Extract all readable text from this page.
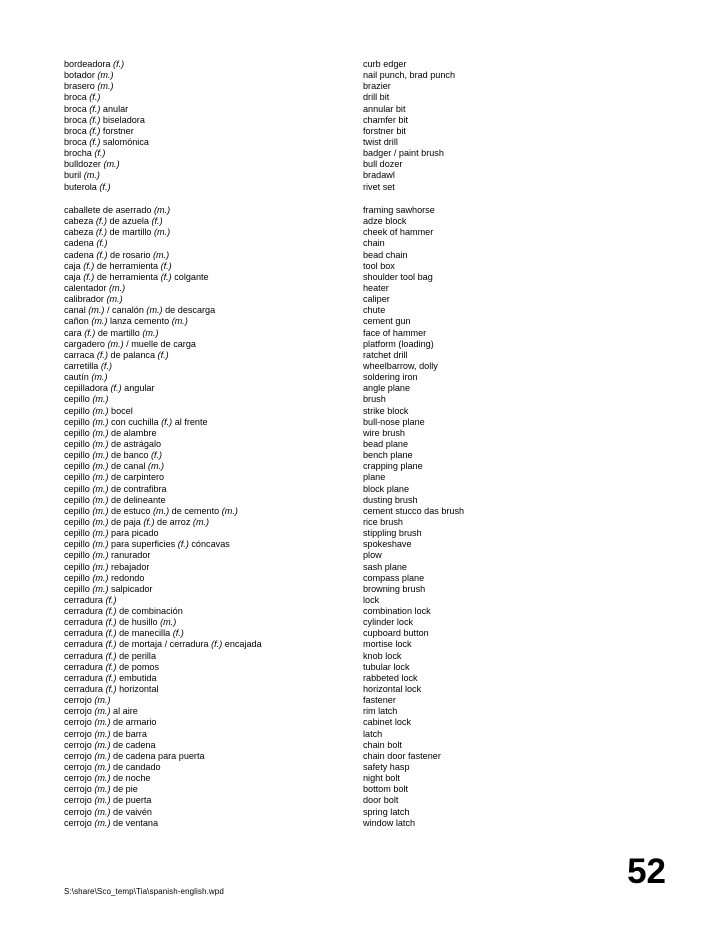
bordeadora (f.)	curb edger
botador (m.)	nail punch, brad punch
brasero (m.)	brazier
broca (f.)	drill bit
broca (f.) anular	annular bit
broca (f.) biseladora	chamfer bit
broca (f.) forstner	forstner bit
broca (f.) salomónica	twist drill
brocha (f.)	badger / paint brush
bulldozer (m.)	bull dozer
buril (m.)	bradawl
buterola (f.)	rivet set
caballete de aserrado (m.)	framing sawhorse
cabeza (f.) de azuela (f.)	adze block
cabeza (f.) de martillo (m.)	cheek of hammer
cadena (f.)	chain
cadena (f.) de rosario (m.)	bead chain
caja (f.) de herramienta (f.)	tool box
caja (f.) de herramienta (f.) colgante	shoulder tool bag
calentador (m.)	heater
calibrador (m.)	caliper
canal (m.) / canalón (m.) de descarga	chute
cañon (m.) lanza cemento (m.)	cement gun
cara (f.) de martillo (m.)	face of hammer
cargadero (m.) / muelle de carga	platform (loading)
carraca (f.) de palanca (f.)	ratchet drill
carretilla (f.)	wheelbarrow, dolly
cautín (m.)	soldering iron
cepilladora (f.) angular	angle plane
cepillo (m.)	brush
cepillo (m.) bocel	strike block
cepillo (m.) con cuchilla (f.) al frente	bull-nose plane
cepillo (m.) de alambre	wire brush
cepillo (m.) de astrágalo	bead plane
cepillo (m.) de banco (f.)	bench plane
cepillo (m.) de canal (m.)	crapping plane
cepillo (m.) de carpintero	plane
cepillo (m.) de contrafibra	block plane
cepillo (m.) de delineante	dusting brush
cepillo (m.) de estuco (m.) de cemento (m.)	cement stucco das brush
cepillo (m.) de paja (f.) de arroz (m.)	rice brush
cepillo (m.) para picado	stippling brush
cepillo (m.) para superficies (f.) cóncavas	spokeshave
cepillo (m.) ranurador	plow
cepillo (m.) rebajador	sash plane
cepillo (m.) redondo	compass plane
cepillo (m.) salpicador	browning brush
cerradura (f.)	lock
cerradura (f.) de combinación	combination lock
cerradura (f.) de husillo (m.)	cylinder lock
cerradura (f.) de manecilla (f.)	cupboard button
cerradura (f.) de mortaja / cerradura (f.) encajada	mortise lock
cerradura (f.) de perilla	knob lock
cerradura (f.) de pomos	tubular lock
cerradura (f.) embutida	rabbeted lock
cerradura (f.) horizontal	horizontal lock
cerrojo (m.)	fastener
cerrojo (m.) al aire	rim latch
cerrojo (m.) de armario	cabinet lock
cerrojo (m.) de barra	latch
cerrojo (m.) de cadena	chain bolt
cerrojo (m.) de cadena para puerta	chain door fastener
cerrojo (m.) de candado	safety hasp
cerrojo (m.) de noche	night bolt
cerrojo (m.) de pie	bottom bolt
cerrojo (m.) de puerta	door bolt
cerrojo (m.) de vaivén	spring latch
cerrojo (m.) de ventana	window latch
S:\share\Sco_temp\Tia\spanish-english.wpd
52
